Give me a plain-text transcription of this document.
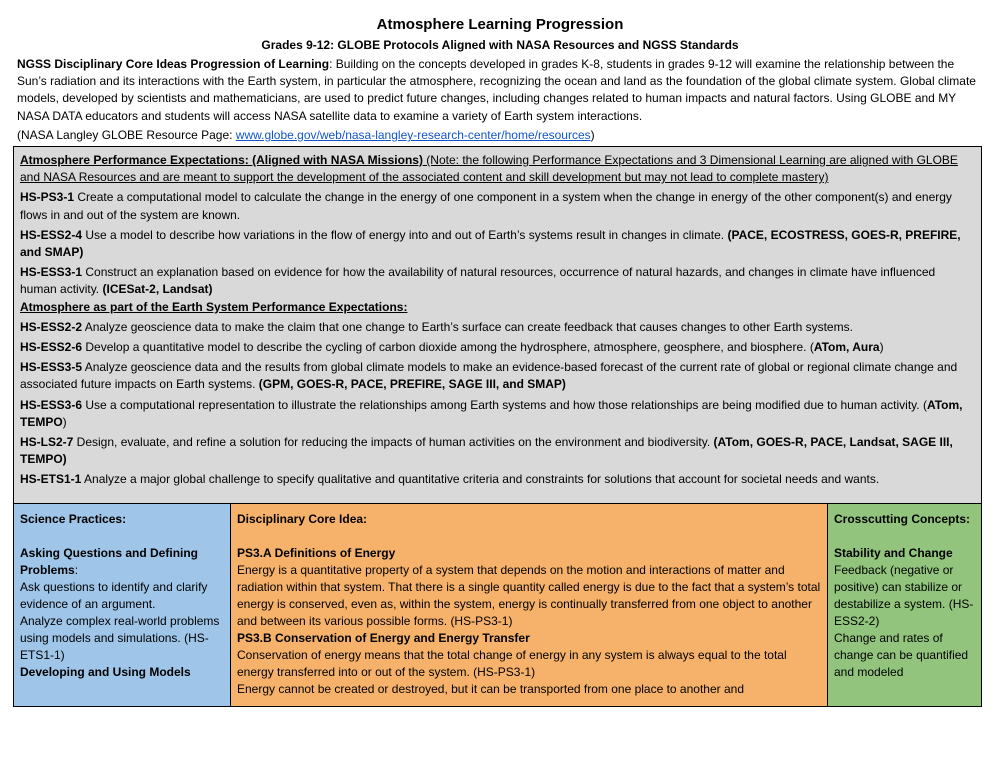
Atmosphere Learning Progression
Grades 9-12: GLOBE Protocols Aligned with NASA Resources and NGSS Standards
NGSS Disciplinary Core Ideas Progression of Learning: Building on the concepts developed in grades K-8, students in grades 9-12 will examine the relationship between the Sun’s radiation and its interactions with the Earth system, in particular the atmosphere, recognizing the ocean and land as the foundation of the global climate system. Global climate models, developed by scientists and mathematicians, are used to predict future changes, including changes related to human impacts and natural factors. Using GLOBE and MY NASA DATA educators and students will access NASA satellite data to examine a variety of Earth system interactions.
(NASA Langley GLOBE Resource Page: www.globe.gov/web/nasa-langley-research-center/home/resources)
Atmosphere Performance Expectations: (Aligned with NASA Missions) (Note: the following Performance Expectations and 3 Dimensional Learning are aligned with GLOBE and NASA Resources and are meant to support the development of the associated content and skill development but may not lead to complete mastery)
HS-PS3-1 Create a computational model to calculate the change in the energy of one component in a system when the change in energy of the other component(s) and energy flows in and out of the system are known.
HS-ESS2-4 Use a model to describe how variations in the flow of energy into and out of Earth’s systems result in changes in climate. (PACE, ECOSTRESS, GOES-R, PREFIRE, and SMAP)
HS-ESS3-1 Construct an explanation based on evidence for how the availability of natural resources, occurrence of natural hazards, and changes in climate have influenced human activity. (ICESat-2, Landsat)
Atmosphere as part of the Earth System Performance Expectations:
HS-ESS2-2 Analyze geoscience data to make the claim that one change to Earth’s surface can create feedback that causes changes to other Earth systems.
HS-ESS2-6 Develop a quantitative model to describe the cycling of carbon dioxide among the hydrosphere, atmosphere, geosphere, and biosphere. (ATom, Aura)
HS-ESS3-5 Analyze geoscience data and the results from global climate models to make an evidence-based forecast of the current rate of global or regional climate change and associated future impacts on Earth systems. (GPM, GOES-R, PACE, PREFIRE, SAGE III, and SMAP)
HS-ESS3-6 Use a computational representation to illustrate the relationships among Earth systems and how those relationships are being modified due to human activity. (ATom, TEMPO)
HS-LS2-7 Design, evaluate, and refine a solution for reducing the impacts of human activities on the environment and biodiversity. (ATom, GOES-R, PACE, Landsat, SAGE III, TEMPO)
HS-ETS1-1 Analyze a major global challenge to specify qualitative and quantitative criteria and constraints for solutions that account for societal needs and wants.
Science Practices:
Asking Questions and Defining Problems:
Ask questions to identify and clarify evidence of an argument.
Analyze complex real-world problems using models and simulations. (HS-ETS1-1)
Developing and Using Models
Disciplinary Core Idea:
PS3.A Definitions of Energy
Energy is a quantitative property of a system that depends on the motion and interactions of matter and radiation within that system. That there is a single quantity called energy is due to the fact that a system’s total energy is conserved, even as, within the system, energy is continually transferred from one object to another and between its various possible forms. (HS-PS3-1)
PS3.B Conservation of Energy and Energy Transfer
Conservation of energy means that the total change of energy in any system is always equal to the total energy transferred into or out of the system. (HS-PS3-1)
Energy cannot be created or destroyed, but it can be transported from one place to another and
Crosscutting Concepts:
Stability and Change
Feedback (negative or positive) can stabilize or destabilize a system. (HS-ESS2-2)
Change and rates of change can be quantified and modeled
